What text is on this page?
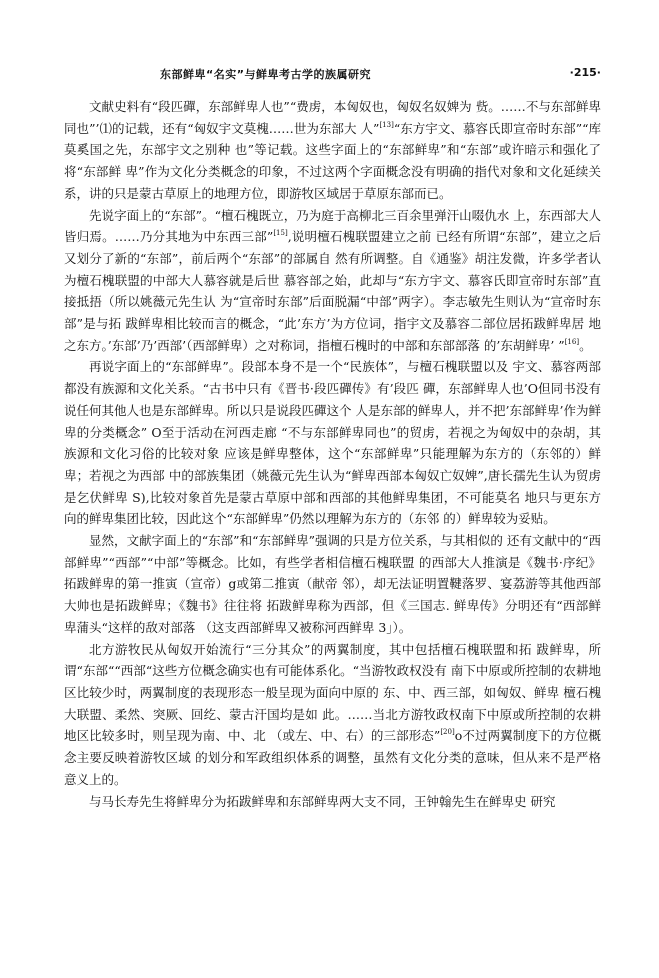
东部鲜卑“名实”与鲜卑考古学的族属研究	·215·

文献史料有“段匹磾，东部鲜卑人也”“费虏，本匈奴也，匈奴名奴婢为 赀。……不与东部鲜卑同也”’⑴的记载，还有“匈奴宇文莫槐……世为东部大 人”[13]“东方宇文、慕容氏即宣帝时东部”“库莫奚国之先，东部宇文之别种 也”等记载。这些字面上的“东部鲜卑”和“东部”或许暗示和强化了将“东部鲜 卑”作为文化分类概念的印象，不过这两个字面概念没有明确的指代对象和文化延续关 系，讲的只是蒙古草原上的地理方位，即游牧区域居于草原东部而已。

先说字面上的“东部”。“檀石槐既立，乃为庭于高柳北三百余里弹汗山啜仇水 上，东西部大人皆归焉。……乃分其地为中东西三部”[15],说明檀石槐联盟建立之前 已经有所谓“东部”，建立之后又划分了新的“东部”，前后两个“东部”的部属自 然有所调整。自《通鉴》胡注发微，许多学者认为檀石槐联盟的中部大人慕容就是后世 慕容部之始，此却与“东方宇文、慕容氏即宣帝时东部”直接抵捂（所以姚薇元先生认 为“宣帝时东部”后面脱漏“中部”两字）。李志敏先生则认为“宣帝时东部”是与拓 跋鲜卑相比较而言的概念，“此’东方’为方位词，指宇文及慕容二部位居拓跋鲜卑居 地之东方。’东部’乃’西部’（西部鲜卑）之对称词，指檀石槐时的中部和东部部落 的’东胡鲜卑’ ”[16]。

再说字面上的“东部鲜卑”。段部本身不是一个“民族体”，与檀石槐联盟以及 宇文、慕容两部都没有族源和文化关系。“古书中只有《晋书·段匹磾传》有’段匹 磾，东部鲜卑人也’O但同书没有说任何其他人也是东部鲜卑。所以只是说段匹磾这个 人是东部的鲜卑人，并不把’东部鲜卑’作为鲜卑的分类概念” O至于活动在河西走廊 “不与东部鲜卑同也”的贸虏，若视之为匈奴中的杂胡，其族源和文化习俗的比较对象 应该是鲜卑整体，这个“东部鲜卑”只能理解为东方的（东邻的）鲜卑；若视之为西部 中的部族集团（姚薇元先生认为“鲜卑西部本匈奴亡奴婢”,唐长孺先生认为贸虏 是乞伏鲜卑 S),比较对象首先是蒙古草原中部和西部的其他鲜卑集团，不可能莫名 地只与更东方向的鲜卑集团比较，因此这个“东部鲜卑”仍然以理解为东方的（东邻 的）鲜卑较为妥贴。

显然，文献字面上的“东部”和“东部鲜卑”强调的只是方位关系，与其相似的 还有文献中的“西部鲜卑”“西部”“中部”等概念。比如，有些学者相信檀石槐联盟 的西部大人推演是《魏书·序纪》拓跋鲜卑的第一推寅（宣帝）g或第二推寅（献帝 邻），却无法证明置鞬落罗、宴荔游等其他西部大帅也是拓跋鲜卑；《魏书》往往将 拓跋鲜卑称为西部，但《三国志. 鲜卑传》分明还有“西部鲜卑蒲头“这样的敌对部落 （这支西部鲜卑又被称河西鲜卑 3」）。

北方游牧民从匈奴开始流行“三分其众”的两翼制度，其中包括檀石槐联盟和拓 跋鲜卑，所谓“东部““西部“这些方位概念确实也有可能体系化。“当游牧政权没有 南下中原或所控制的农耕地区比较少时，两翼制度的表现形态一般呈现为面向中原的 东、中、西三部，如匈奴、鲜卑 檀石槐大联盟、柔然、突厥、回纥、蒙古汗国均是如 此。……当北方游牧政权南下中原或所控制的农耕地区比较多时，则呈现为南、中、北 （或左、中、右）的三部形态”[20]o不过两翼制度下的方位概念主要反映着游牧区域 的划分和军政组织体系的调整，虽然有文化分类的意味，但从来不是严格意义上的。

与马长寿先生将鲜卑分为拓跋鲜卑和东部鲜卑两大支不同，王钟翰先生在鲜卑史 研究
